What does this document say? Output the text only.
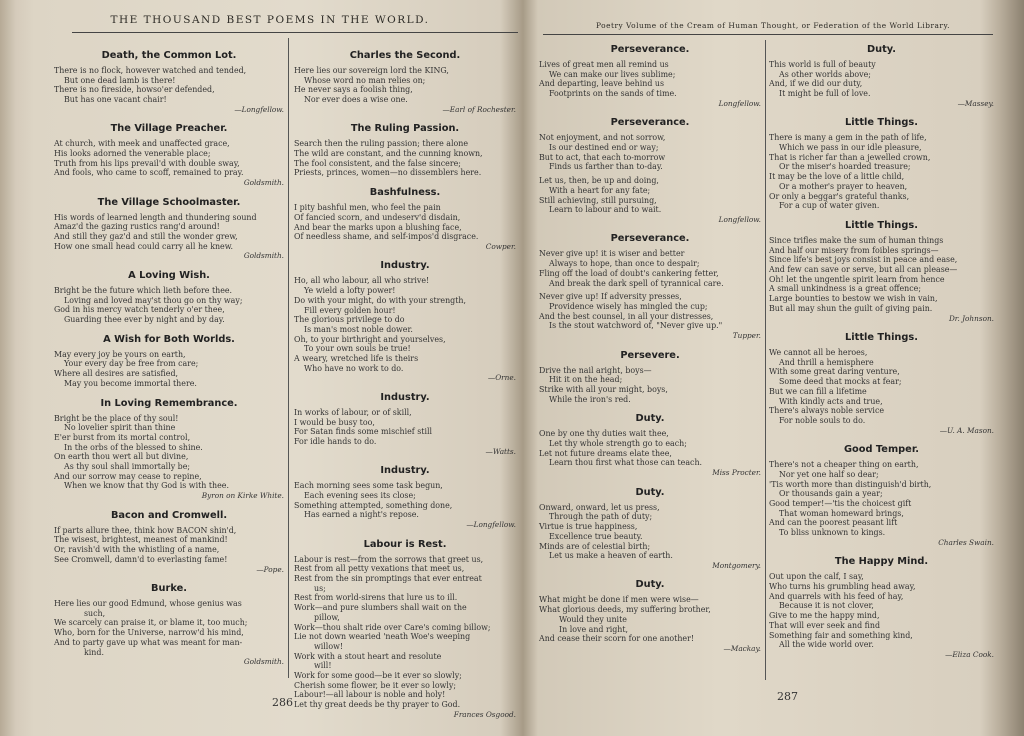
THE THOUSAND BEST POEMS IN THE WORLD.
Death, the Common Lot.
There is no flock, however watched and tended,
But one dead lamb is there!
There is no fireside, howso'er defended,
But has one vacant chair!
—Longfellow.
The Village Preacher.
At church, with meek and unaffected grace,
His looks adorned the venerable place;
Truth from his lips prevail'd with double sway,
And fools, who came to scoff, remained to pray.
Goldsmith.
The Village Schoolmaster.
His words of learned length and thundering sound
Amaz'd the gazing rustics rang'd around!
And still they gaz'd and still the wonder grew,
How one small head could carry all he knew.
Goldsmith.
A Loving Wish.
Bright be the future which lieth before thee.
Loving and loved may'st thou go on thy way;
God in his mercy watch tenderly o'er thee,
Guarding thee ever by night and by day.
A Wish for Both Worlds.
May every joy be yours on earth,
Your every day be free from care;
Where all desires are satisfied,
May you become immortal there.
In Loving Remembrance.
Bright be the place of thy soul!
No lovelier spirit than thine
E'er burst from its mortal control,
In the orbs of the blessed to shine.
On earth thou wert all but divine,
As thy soul shall immortally be;
And our sorrow may cease to repine,
When we know that thy God is with thee.
Byron on Kirke White.
Bacon and Cromwell.
If parts allure thee, think how BACON shin'd,
The wisest, brightest, meanest of mankind!
Or, ravish'd with the whistling of a name,
See Cromwell, damn'd to everlasting fame!
—Pope.
Burke.
Here lies our good Edmund, whose genius was
such,
We scarcely can praise it, or blame it, too much;
Who, born for the Universe, narrow'd his mind,
And to party gave up what was meant for man-
kind.
Goldsmith.
Charles the Second.
Here lies our sovereign lord the KING,
Whose word no man relies on;
He never says a foolish thing,
Nor ever does a wise one.
—Earl of Rochester.
The Ruling Passion.
Search then the ruling passion; there alone
The wild are constant, and the cunning known,
The fool consistent, and the false sincere;
Priests, princes, women—no dissemblers here.
Bashfulness.
I pity bashful men, who feel the pain
Of fancied scorn, and undeserv'd disdain,
And bear the marks upon a blushing face,
Of needless shame, and self-impos'd disgrace.
Cowper.
Industry.
Ho, all who labour, all who strive!
Ye wield a lofty power!
Do with your might, do with your strength,
Fill every golden hour!
The glorious privilege to do
Is man's most noble dower.
Oh, to your birthright and yourselves,
To your own souls be true!
A weary, wretched life is theirs
Who have no work to do.
—Orne.
Industry.
In works of labour, or of skill,
I would be busy too,
For Satan finds some mischief still
For idle hands to do.
—Watts.
Industry.
Each morning sees some task begun,
Each evening sees its close;
Something attempted, something done,
Has earned a night's repose.
—Longfellow.
Labour is Rest.
Labour is rest—from the sorrows that greet us,
Rest from all petty vexations that meet us,
Rest from the sin promptings that ever entreat
us;
Rest from world-sirens that lure us to ill.
Work—and pure slumbers shall wait on the
pillow,
Work—thou shalt ride over Care's coming billow;
Lie not down wearied 'neath Woe's weeping
willow!
Work with a stout heart and resolute
will!
Work for some good—be it ever so slowly;
Cherish some flower, be it ever so lowly;
Labour!—all labour is noble and holy!
Let thy great deeds be thy prayer to God.
Frances Osgood.
286
Poetry Volume of the Cream of Human Thought, or Federation of the World Library.
Perseverance.
Lives of great men all remind us
We can make our lives sublime;
And departing, leave behind us
Footprints on the sands of time.
Longfellow.
Perseverance.
Not enjoyment, and not sorrow,
Is our destined end or way;
But to act, that each to-morrow
Finds us farther than to-day.
Let us, then, be up and doing,
With a heart for any fate;
Still achieving, still pursuing,
Learn to labour and to wait.
Longfellow.
Perseverance.
Never give up! it is wiser and better
Always to hope, than once to despair;
Fling off the load of doubt's cankering fetter,
And break the dark spell of tyrannical care.
Never give up! If adversity presses,
Providence wisely has mingled the cup;
And the best counsel, in all your distresses,
Is the stout watchword of, "Never give up."
Tupper.
Persevere.
Drive the nail aright, boys—
Hit it on the head;
Strike with all your might, boys,
While the iron's red.
Duty.
One by one thy duties wait thee,
Let thy whole strength go to each;
Let not future dreams elate thee,
Learn thou first what those can teach.
Miss Procter.
Duty.
Onward, onward, let us press,
Through the path of duty;
Virtue is true happiness,
Excellence true beauty.
Minds are of celestial birth;
Let us make a heaven of earth.
Montgomery.
Duty.
What might be done if men were wise—
What glorious deeds, my suffering brother,
Would they unite
In love and right,
And cease their scorn for one another!
—Mackay.
Duty.
This world is full of beauty
As other worlds above;
And, if we did our duty,
It might be full of love.
—Massey.
Little Things.
There is many a gem in the path of life,
Which we pass in our idle pleasure,
That is richer far than a jewelled crown,
Or the miser's hoarded treasure;
It may be the love of a little child,
Or a mother's prayer to heaven,
Or only a beggar's grateful thanks,
For a cup of water given.
Little Things.
Since trifles make the sum of human things
And half our misery from foibles springs—
Since life's best joys consist in peace and ease,
And few can save or serve, but all can please—
Oh! let the ungentle spirit learn from hence
A small unkindness is a great offence;
Large bounties to bestow we wish in vain,
But all may shun the guilt of giving pain.
Dr. Johnson.
Little Things.
We cannot all be heroes,
And thrill a hemisphere
With some great daring venture,
Some deed that mocks at fear;
But we can fill a lifetime
With kindly acts and true,
There's always noble service
For noble souls to do.
—U. A. Mason.
Good Temper.
There's not a cheaper thing on earth,
Nor yet one half so dear;
'Tis worth more than distinguish'd birth,
Or thousands gain a year;
Good temper!—'tis the choicest gift
That woman homeward brings,
And can the poorest peasant lift
To bliss unknown to kings.
Charles Swain.
The Happy Mind.
Out upon the calf, I say,
Who turns his grumbling head away,
And quarrels with his feed of hay,
Because it is not clover,
Give to me the happy mind,
That will ever seek and find
Something fair and something kind,
All the wide world over.
—Eliza Cook.
287
